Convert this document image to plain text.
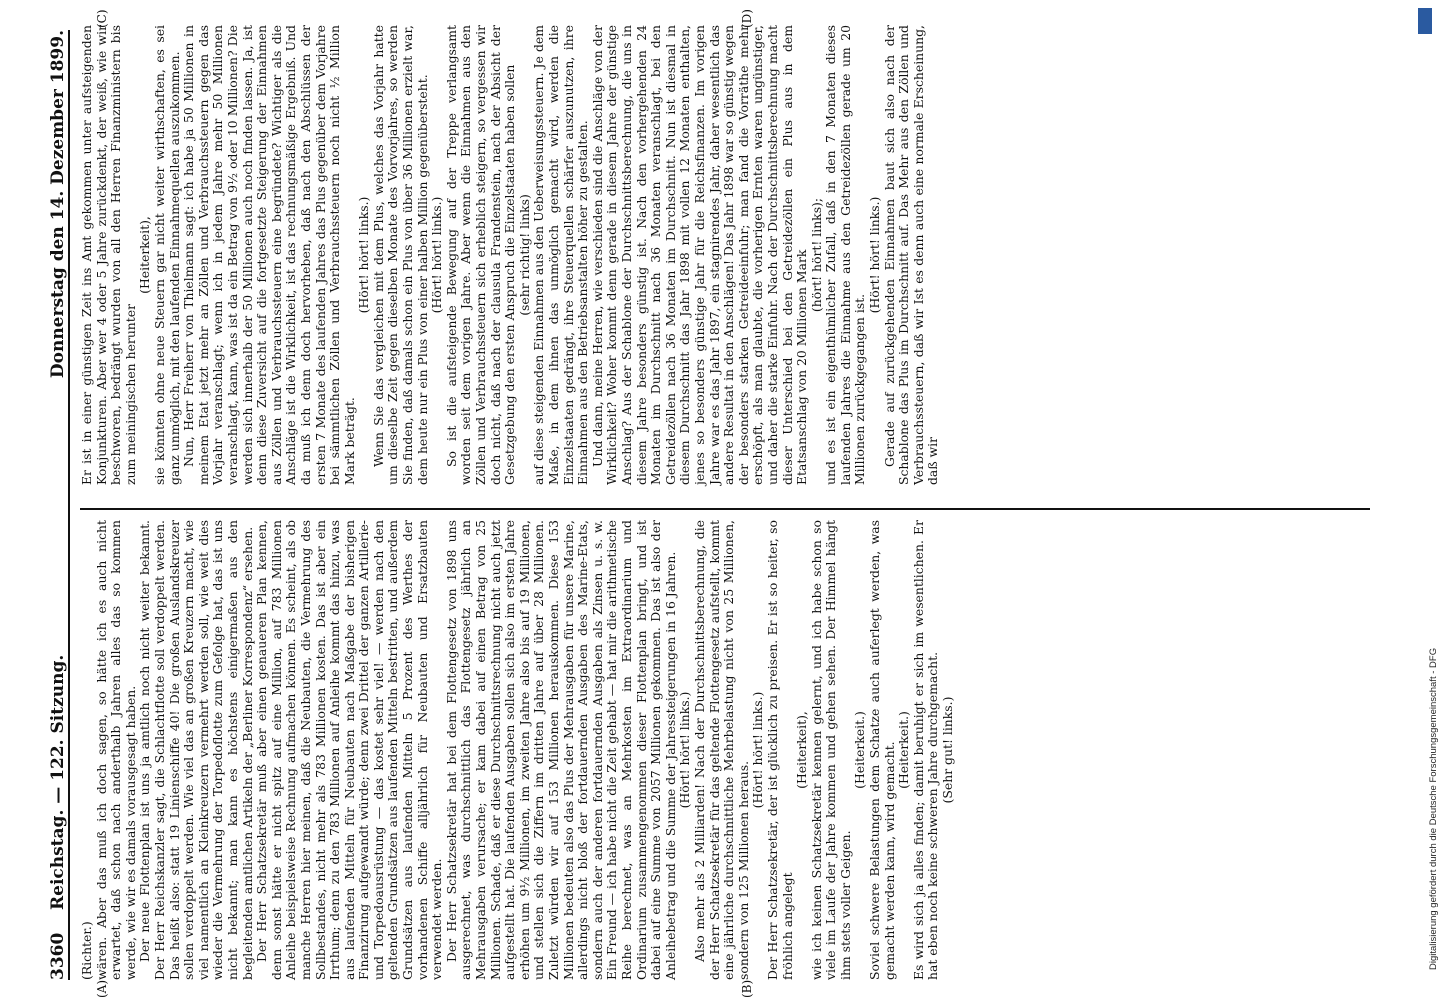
3360
Reichstag. — 122. Sitzung.
Donnerstag den 14. Dezember 1899.
(A)	(B)
(C)	(D)

(Richter.) wären. Aber das muß ich doch sagen, so hätte ich es auch nicht erwartet, daß schon nach anderthalb Jahren alles das so kommen werde, wie wir es damals vorausgesagt haben. Der neue Flottenplan ist uns ja amtlich noch nicht weiter bekannt. Der Herr Reichskanzler sagt, die Schlachtflotte soll verdoppelt werden. Das heißt also: statt 19 Linienschiffe 40! Die großen Auslandskreuzer sollen verdoppelt werden. Wie viel das an großen Kreuzern macht, wie viel namentlich an Kleinkreuzern vermehrt werden soll, wie weit dies wieder die Vermehrung der Torpedoflotte zum Gefolge hat, das ist uns nicht bekannt; man kann es höchstens einigermaßen aus den begleitenden amtlichen Artikeln der „Berliner Korrespondenz“ ersehen. Der Herr Schatzsekretär muß aber einen genaueren Plan kennen, denn sonst hätte er nicht spitz auf eine Million, auf 783 Millionen Anleihe beispielsweise Rechnung aufmachen können. Es scheint, als ob manche Herren hier meinen, daß die Neubauten, die Vermehrung des Sollbestandes, nicht mehr als 783 Millionen kosten. Das ist aber ein Irrthum; denn zu den 783 Millionen auf Anleihe kommt das hinzu, was aus laufenden Mitteln für Neubauten nach Maßgabe der bisherigen Finanzirung aufgewandt würde; denn zwei Drittel der ganzen Artillerie- und Torpedoausrüstung — das kostet sehr viel! — werden nach den geltenden Grundsätzen aus laufenden Mitteln bestritten, und außerdem Grundsätzen aus laufenden Mitteln 5 Prozent des Werthes der vorhandenen Schiffe alljährlich für Neubauten und Ersatzbauten verwendet werden. Der Herr Schatzsekretär hat bei dem Flottengesetz von 1898 uns ausgerechnet, was durchschnittlich das Flottengesetz jährlich an Mehrausgaben verursache; er kam dabei auf einen Betrag von 25 Millionen. Schade, daß er diese Durchschnittsrechnung nicht auch jetzt aufgestellt hat. Die laufenden Ausgaben sollen sich also im ersten Jahre erhöhen um 9½ Millionen, im zweiten Jahre also bis auf 19 Millionen, und stellen sich die Ziffern im dritten Jahre auf über 28 Millionen. Zuletzt würden wir auf 153 Millionen herauskommen. Diese 153 Millionen bedeuten also das Plus der Mehrausgaben für unsere Marine, allerdings nicht bloß der fortdauernden Ausgaben des Marine-Etats, sondern auch der anderen fortdauernden Ausgaben als Zinsen u. s. w. Ein Freund — ich habe nicht die Zeit gehabt — hat mir die arithmetische Reihe berechnet, was an Mehrkosten im Extraordinarium und Ordinarium zusammengenommen dieser Flottenplan bringt, und ist dabei auf eine Summe von 2057 Millionen gekommen. Das ist also der Anleihebetrag und die Summe der Jahressteigerungen in 16 Jahren. (Hört! hört! links.) Also mehr als 2 Milliarden! Nach der Durchschnittsberechnung, die der Herr Schatzsekretär für das geltende Flottengesetz aufstellt, kommt eine jährliche durchschnittliche Mehrbelastung nicht von 25 Millionen, sondern von 125 Millionen heraus.

(Hört! hört! links.) Der Herr Schatzsekretär, der ist glücklich zu preisen. Er ist so heiter, so fröhlich angelegt

(Heiterkeit), wie ich keinen Schatzsekretär kennen gelernt, und ich habe schon so viele im Laufe der Jahre kommen und gehen sehen. Der Himmel hängt ihm stets voller Geigen.

(Heiterkeit.) Soviel schwere Belastungen dem Schatze auch auferlegt werden, was gemacht werden kann, wird gemacht. (Heiterkeit.) Es wird sich ja alles finden; damit beruhigt er sich im wesentlichen. Er hat eben noch keine schweren Jahre durchgemacht. (Sehr gut! links.)

Er ist in einer günstigen Zeit ins Amt gekommen unter aufsteigenden Konjunkturen. Aber wer 4 oder 5 Jahre zurückdenkt, der weiß, wie wir beschworen, bedrängt wurden von all den Herren Finanzministern bis zum meiningischen herunter

(Heiterkeit), sie könnten ohne neue Steuern gar nicht weiter wirthschaften, es sei ganz unmöglich, mit den laufenden Einnahmequellen auszukommen. Nun, Herr Freiherr von Thielmann sagt: ich habe ja 50 Millionen in meinem Etat jetzt mehr an Zöllen und Verbrauchssteuern gegen das Vorjahr veranschlagt; wenn ich in jedem Jahre mehr 50 Millionen veranschlagt, kann, was ist da ein Betrag von 9½ oder 10 Millionen? Die werden sich innerhalb der 50 Millionen auch noch finden lassen. Ja, ist denn diese Zuversicht auf die fortgesetzte Steigerung der Einnahmen aus Zöllen und Verbrauchssteuern eine begründete? Wichtiger als die Anschläge ist die Wirklichkeit, ist das rechnungsmäßige Ergebniß. Und da muß ich denn doch hervorheben, daß nach den Abschlüssen der ersten 7 Monate des laufenden Jahres das Plus gegenüber dem Vorjahre bei sämmtlichen Zöllen und Verbrauchssteuern noch nicht ½ Million Mark beträgt.

(Hört! hört! links.) Wenn Sie das vergleichen mit dem Plus, welches das Vorjahr hatte um dieselbe Zeit gegen dieselben Monate des Vorvorjahres, so werden Sie finden, daß damals schon ein Plus von über 36 Millionen erzielt war, dem heute nur ein Plus von einer halben Million gegenübersteht. (Hört! hört! links.) So ist die aufsteigende Bewegung auf der Treppe verlangsamt worden seit dem vorigen Jahre. Aber wenn die Einnahmen aus den Zöllen und Verbrauchssteuern sich erheblich steigern, so vergessen wir doch nicht, daß nach der clausula Frandenstein, nach der Absicht der Gesetzgebung den ersten Anspruch die Einzelstaaten haben sollen (sehr richtig! links) auf diese steigenden Einnahmen aus den Ueberweisungssteuern. Je dem Maße, in dem ihnen das unmöglich gemacht wird, werden die Einzelstaaten gedrängt, ihre Steuerquellen schärfer auszunutzen, ihre Einnahmen aus den Betriebsanstalten höher zu gestalten. Und dann, meine Herren, wie verschieden sind die Anschläge von der Wirklichkeit? Woher kommt denn gerade in diesem Jahre der günstige Anschlag? Aus der Schablone der Durchschnittsberechnung, die uns in diesem Jahre besonders günstig ist. Nach den vorhergehenden 24 Monaten im Durchschnitt nach 36 Monaten veranschlagt, bei den Getreidezöllen nach 36 Monaten im Durchschnitt. Nun ist diesmal in diesem Durchschnitt das Jahr 1898 mit vollen 12 Monaten enthalten, jenes so besonders günstige Jahr für die Reichsfinanzen. Im vorigen Jahre war es das Jahr 1897, ein stagnirendes Jahr, daher wesentlich das andere Resultat in den Anschlägen! Das Jahr 1898 war so günstig wegen der besonders starken Getreideeinfuhr; man fand die Vorräthe mehr erschöpft, als man glaubte, die vorherigen Ernten waren ungünstiger, und daher die starke Einfuhr. Nach der Durchschnittsberechnung macht dieser Unterschied bei den Getreidezöllen ein Plus aus in dem Etatsanschlag von 20 Millionen Mark (hört! hört! links); und es ist ein eigenthümlicher Zufall, daß in den 7 Monaten dieses laufenden Jahres die Einnahme aus den Getreidezöllen gerade um 20 Millionen zurückgegangen ist.

(Hört! hört! links.) Gerade auf zurückgehenden Einnahmen baut sich also nach der Schablone das Plus im Durchschnitt auf. Das Mehr aus den Zöllen und Verbrauchssteuern, daß wir Ist es denn auch eine normale Erscheinung, daß wir

Digitalisierung gefördert durch die Deutsche Forschungsgemeinschaft - DFG
